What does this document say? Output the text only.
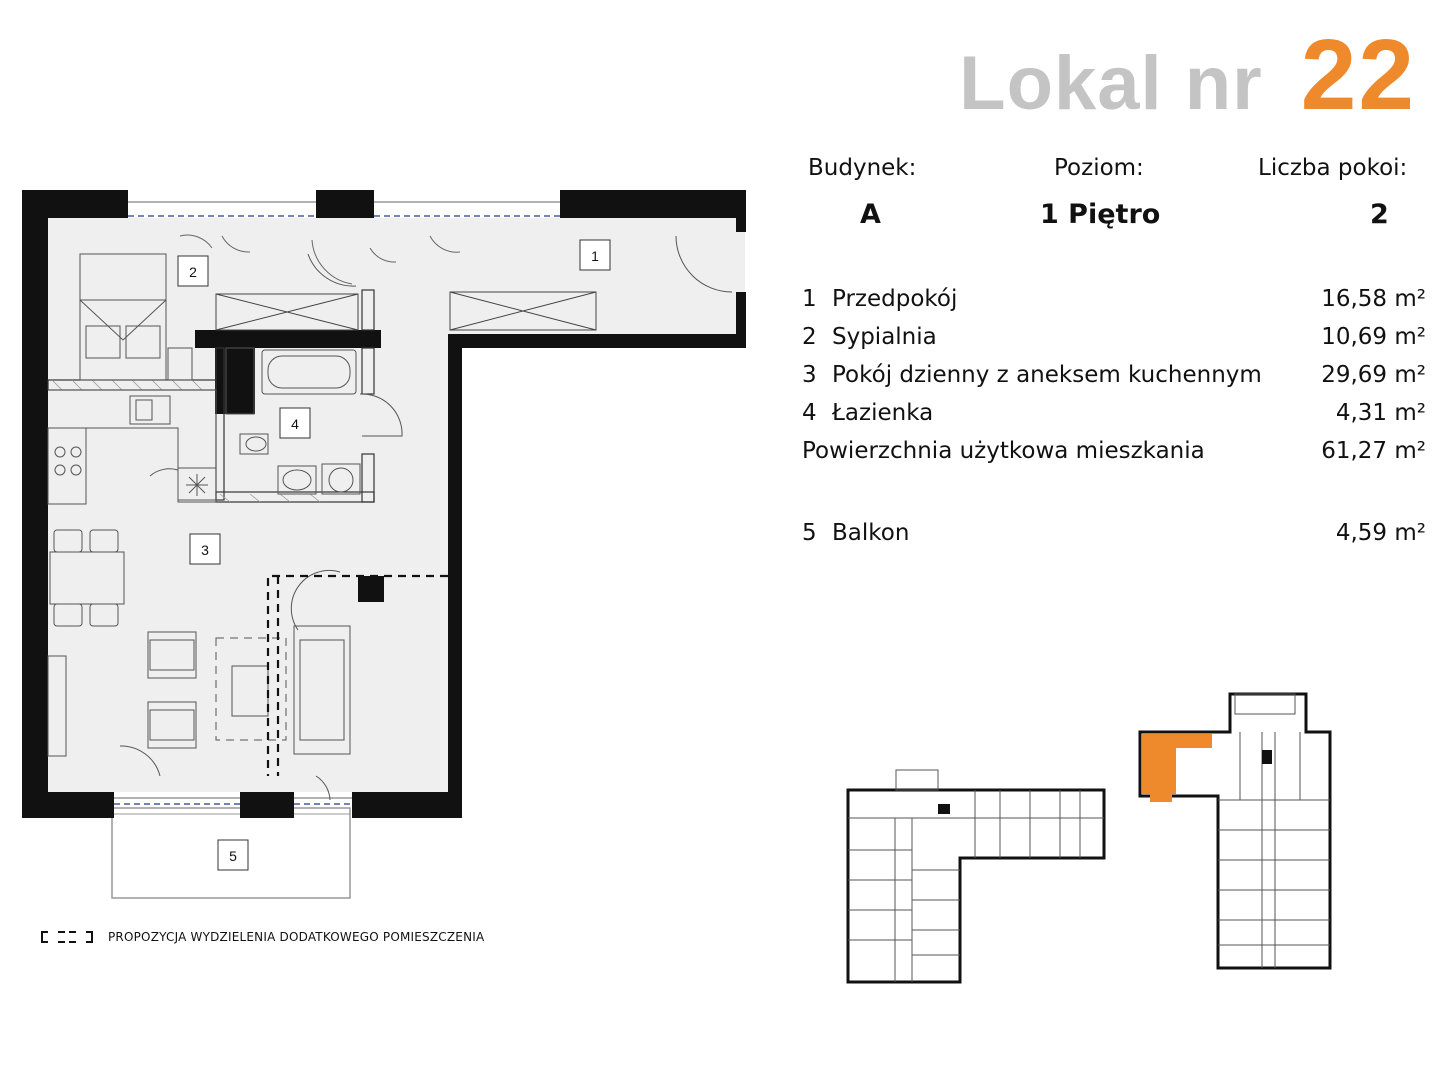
Lokal nr 22
Budynek:	Poziom:	Liczba pokoi:
A	1 Piętro	2
1 Przedpokój	16,58 m²
2 Sypialnia	10,69 m²
3 Pokój dzienny z aneksem kuchennym	29,69 m²
4 Łazienka	4,31 m²
Powierzchnia użytkowa mieszkania	61,27 m²
5 Balkon	4,59 m²
1
2
3
4
5
PROPOZYCJA WYDZIELENIA DODATKOWEGO POMIESZCZENIA
